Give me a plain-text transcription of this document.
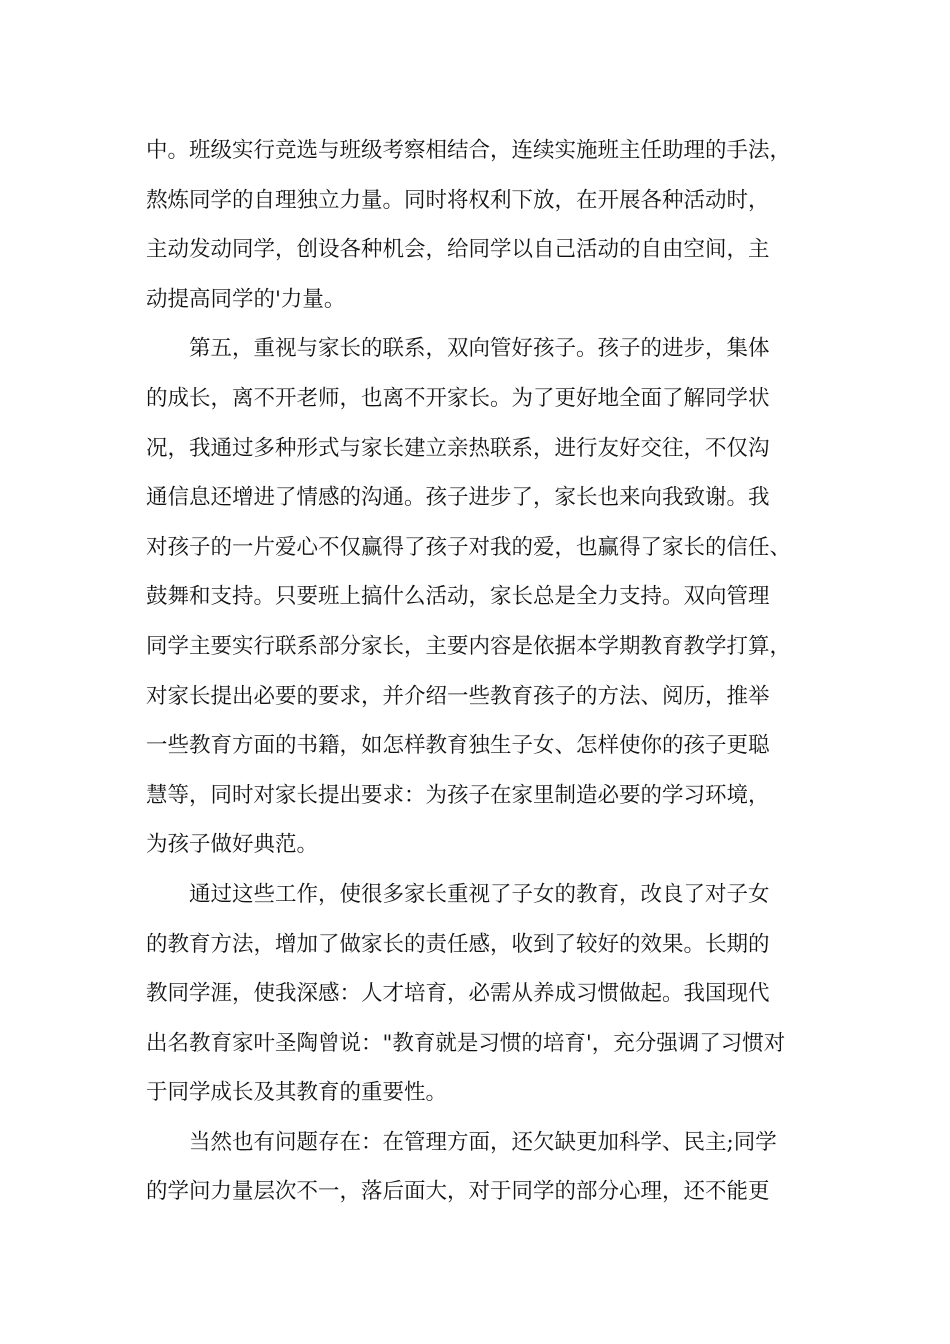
中。班级实行竞选与班级考察相结合，连续实施班主任助理的手法，
熬炼同学的自理独立力量。同时将权利下放，在开展各种活动时，
主动发动同学，创设各种机会，给同学以自己活动的自由空间，主
动提高同学的'力量。
第五，重视与家长的联系，双向管好孩子。孩子的进步，集体
的成长，离不开老师，也离不开家长。为了更好地全面了解同学状
况，我通过多种形式与家长建立亲热联系，进行友好交往，不仅沟
通信息还增进了情感的沟通。孩子进步了，家长也来向我致谢。我
对孩子的一片爱心不仅赢得了孩子对我的爱，也赢得了家长的信任、
鼓舞和支持。只要班上搞什么活动，家长总是全力支持。双向管理
同学主要实行联系部分家长，主要内容是依据本学期教育教学打算，
对家长提出必要的要求，并介绍一些教育孩子的方法、阅历，推举
一些教育方面的书籍，如怎样教育独生子女、怎样使你的孩子更聪
慧等，同时对家长提出要求：为孩子在家里制造必要的学习环境，
为孩子做好典范。
通过这些工作，使很多家长重视了子女的教育，改良了对子女
的教育方法，增加了做家长的责任感，收到了较好的效果。长期的
教同学涯，使我深感：人才培育，必需从养成习惯做起。我国现代
出名教育家叶圣陶曾说："教育就是习惯的培育'，充分强调了习惯对
于同学成长及其教育的重要性。
当然也有问题存在：在管理方面，还欠缺更加科学、民主;同学
的学问力量层次不一，落后面大，对于同学的部分心理，还不能更
